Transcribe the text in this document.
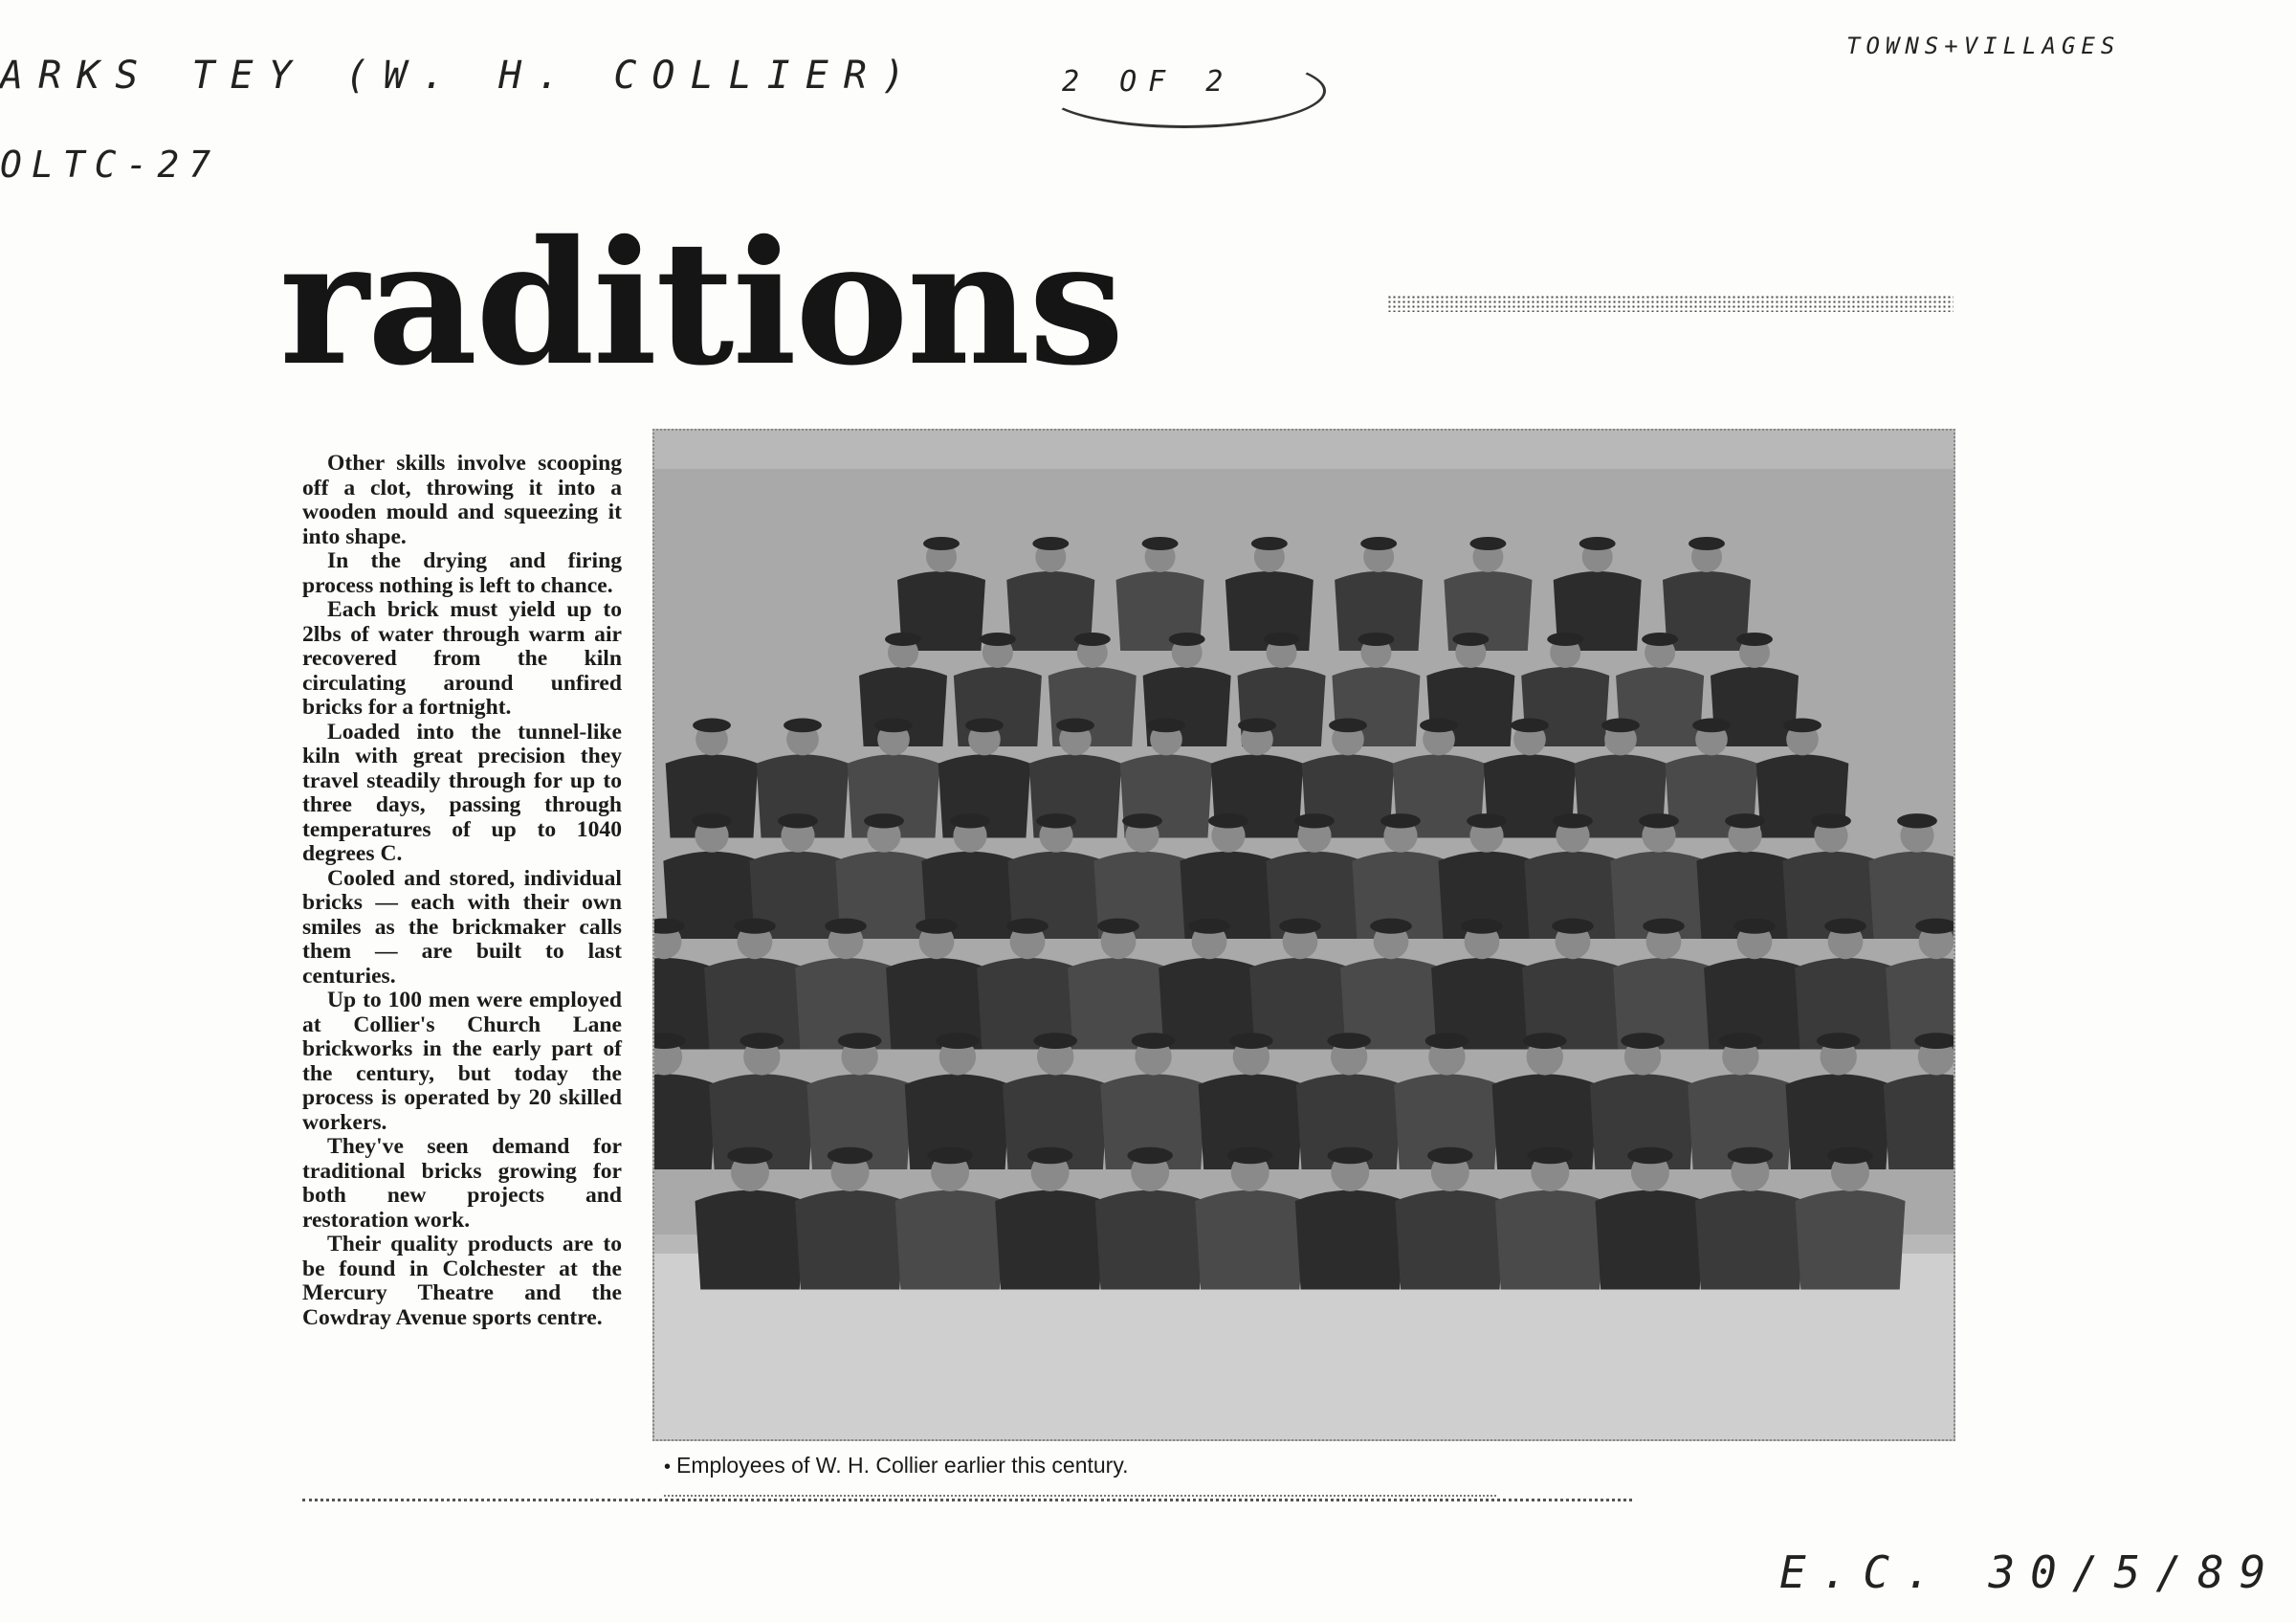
ARKS TEY (W. H. COLLIER)
OLTC-27
2 OF 2
TOWNS+VILLAGES
E.C. 30/5/89
raditions

Other skills involve scooping off a clot, throwing it into a wooden mould and squeezing it into shape.

In the drying and firing process nothing is left to chance.

Each brick must yield up to 2lbs of water through warm air recovered from the kiln circulating around unfired bricks for a fortnight.

Loaded into the tunnel-like kiln with great precision they travel steadily through for up to three days, passing through temperatures of up to 1040 degrees C.

Cooled and stored, individual bricks — each with their own smiles as the brickmaker calls them — are built to last centuries.

Up to 100 men were employed at Collier's Church Lane brickworks in the early part of the century, but today the process is operated by 20 skilled workers.

They've seen demand for traditional bricks growing for both new projects and restoration work.

Their quality products are to be found in Colchester at the Mercury Theatre and the Cowdray Avenue sports centre.

• Employees of W. H. Collier earlier this century.
